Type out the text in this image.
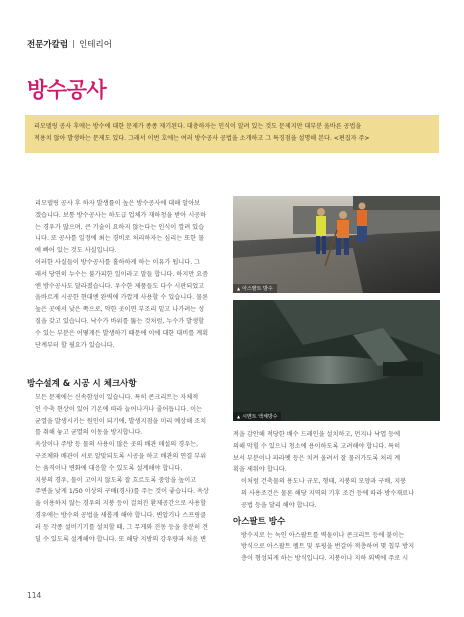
전문가칼럼 인테리어
방수공사

리모델링 공사 후에는 방수에 대한 문제가 종종 제기된다. 대충하자는 인식이 알려 있는 것도 문제지만 대부분 올바른 공법을

적용치 않아 발생하는 문제도 있다. 그래서 이번 호에는 여러 방수공사 공법을 소개하고 그 특징점을 설명해 본다. <편집자 주>

리모델링 공사 후 하자 발생률이 높은 방수공사에 대해 알아보
겠습니다. 보통 방수공사는 하도급 업체가 재하청을 받아 시공하
는 경우가 많으며, 큰 기술이 요하지 않는다는 인식이 깔려 있습
니다. 또 공사를 일정에 최는 경비로 처리하자는 심리는 또한 물
에 빠어 있는 것도 사실입니다.

이러한 사실들이 방수공사를 홀하하게 하는 이유가 됩니다. 그
래서 당연히 누수는 불가피한 일이라고 말들 합니다. 하지만 요즘
엔 방수공사도 달라졌습니다. 우수한 제품들도 다수 시판되었고
올바르게 시공한 현대엔 완벽에 가깝게 사용할 수 있습니다. 물론
높은 곳에서 낮은 쪽으로, 약한 곳이면 부조리 밑고 나가려는 성
질을 갖고 있습니다. 낙수가 바위를 뚫는 것처럼, 누수가 발생할
수 있는 부분은 어떻게든 발생하기 때문에 이에 대한 대비를 계획
단계부터 할 필요가 있습니다.

방수설계 & 시공 시 체크사항

모든 문제에는 신속함성이 있습니다. 특히 콘크리트는 자체적
인 수축 현상이 있어 기온에 따라 늘어나거나 줄어듭니다. 이는
균열을 발생시키는 원인이 되기에, 발생지점을 미리 예상해 조치
를 취해 놓고 균열의 이동을 방지합니다.

옥상이나 주방 등 물의 사용이 많은 곳의 배관 매설의 경우는,
구조체와 배관이 서로 알맞되도록 시공을 하고 배관의 연결 부위
는 움직이나 변화에 대응할 수 있도록 설계해야 합니다.

지붕의 경우, 물이 고이지 않도록 잘 흐르도록 중앙을 높이고
주변을 낮게 1/50 이상의 구배(경사)를 주는 것이 좋습니다. 옥상
을 이용하지 않는 경우의 지붕 등이 걸쳐진 환제공간으로 사용할
경우에는 방수의 공법을 새롭게 해야 합니다. 변압기나 스프링클
러 등 각종 설비기기를 설치할 때, 그 무게와 진동 등을 충분히 견
딜 수 있도록 설계해야 합니다. 또 해당 지방의 강우량과 처음 변

▲ 아스팔트 방수
▲ 시멘트 액체방수

적을 감안해 적당한 배수 드레인을 설치하고, 먼지나 낙엽 등에
의해 막힐 수 있으니 청소에 용이하도록 고려해야 합니다. 특히
보서 부분이나 파라펫 등은 치켜 올려서 잘 물러가도록 처리 계
획을 세워야 합니다.

이처럼 건축물의 용도나 규모, 형태, 지붕의 모양과 구배, 지붕
의 사용조건은 물론 해당 지역의 기후 조건 등에 따라 방수재료나
공법 등을 달리 해야 합니다.

아스팔트 방수

방수지로 는 녹인 아스팔트를 벽돌이나 콘크리트 등에 붙이는
방식으로 아스팔트 펠트 및 루핑을 번갈아 적층하여 몇 칩부 방지
층이 형성되게 하는 방식입니다. 지붕이나 지하 외벽에 주로 시

114
